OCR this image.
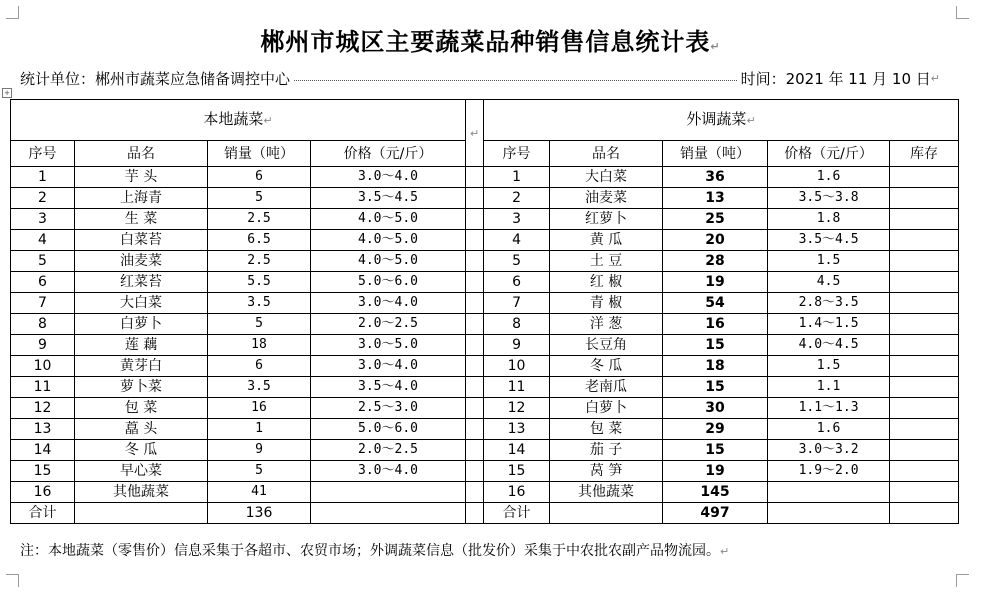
+
郴州市城区主要蔬菜品种销售信息统计表↵
统计单位：郴州市蔬菜应急储备调控中心	时间：2021 年 11 月 10 日 ↵
本地蔬菜↵				↵	外调蔬菜↵				
序号	品名	销量（吨）	价格（元/斤）		序号	品名	销量（吨）	价格（元/斤）	库存
1	芋 头	6	3.0～4.0		1	大白菜	36	1.6	
2	上海青	5	3.5～4.5		2	油麦菜	13	3.5～3.8	
3	生 菜	2.5	4.0～5.0		3	红萝卜	25	1.8	
4	白菜苔	6.5	4.0～5.0		4	黄 瓜	20	3.5～4.5	
5	油麦菜	2.5	4.0～5.0		5	土 豆	28	1.5	
6	红菜苔	5.5	5.0～6.0		6	红 椒	19	4.5	
7	大白菜	3.5	3.0～4.0		7	青 椒	54	2.8～3.5	
8	白萝卜	5	2.0～2.5		8	洋 葱	16	1.4～1.5	
9	莲 藕	18	3.0～5.0		9	长豆角	15	4.0～4.5	
10	黄芽白	6	3.0～4.0		10	冬 瓜	18	1.5	
11	萝卜菜	3.5	3.5～4.0		11	老南瓜	15	1.1	
12	包 菜	16	2.5～3.0		12	白萝卜	30	1.1～1.3	
13	藠 头	1	5.0～6.0		13	包 菜	29	1.6	
14	冬 瓜	9	2.0～2.5		14	茄 子	15	3.0～3.2	
15	早心菜	5	3.0～4.0		15	莴 笋	19	1.9～2.0	
16	其他蔬菜	41			16	其他蔬菜	145		
合计		136			合计		497		
注：本地蔬菜（零售价）信息采集于各超市、农贸市场；外调蔬菜信息（批发价）采集于中农批农副产品物流园。↵
